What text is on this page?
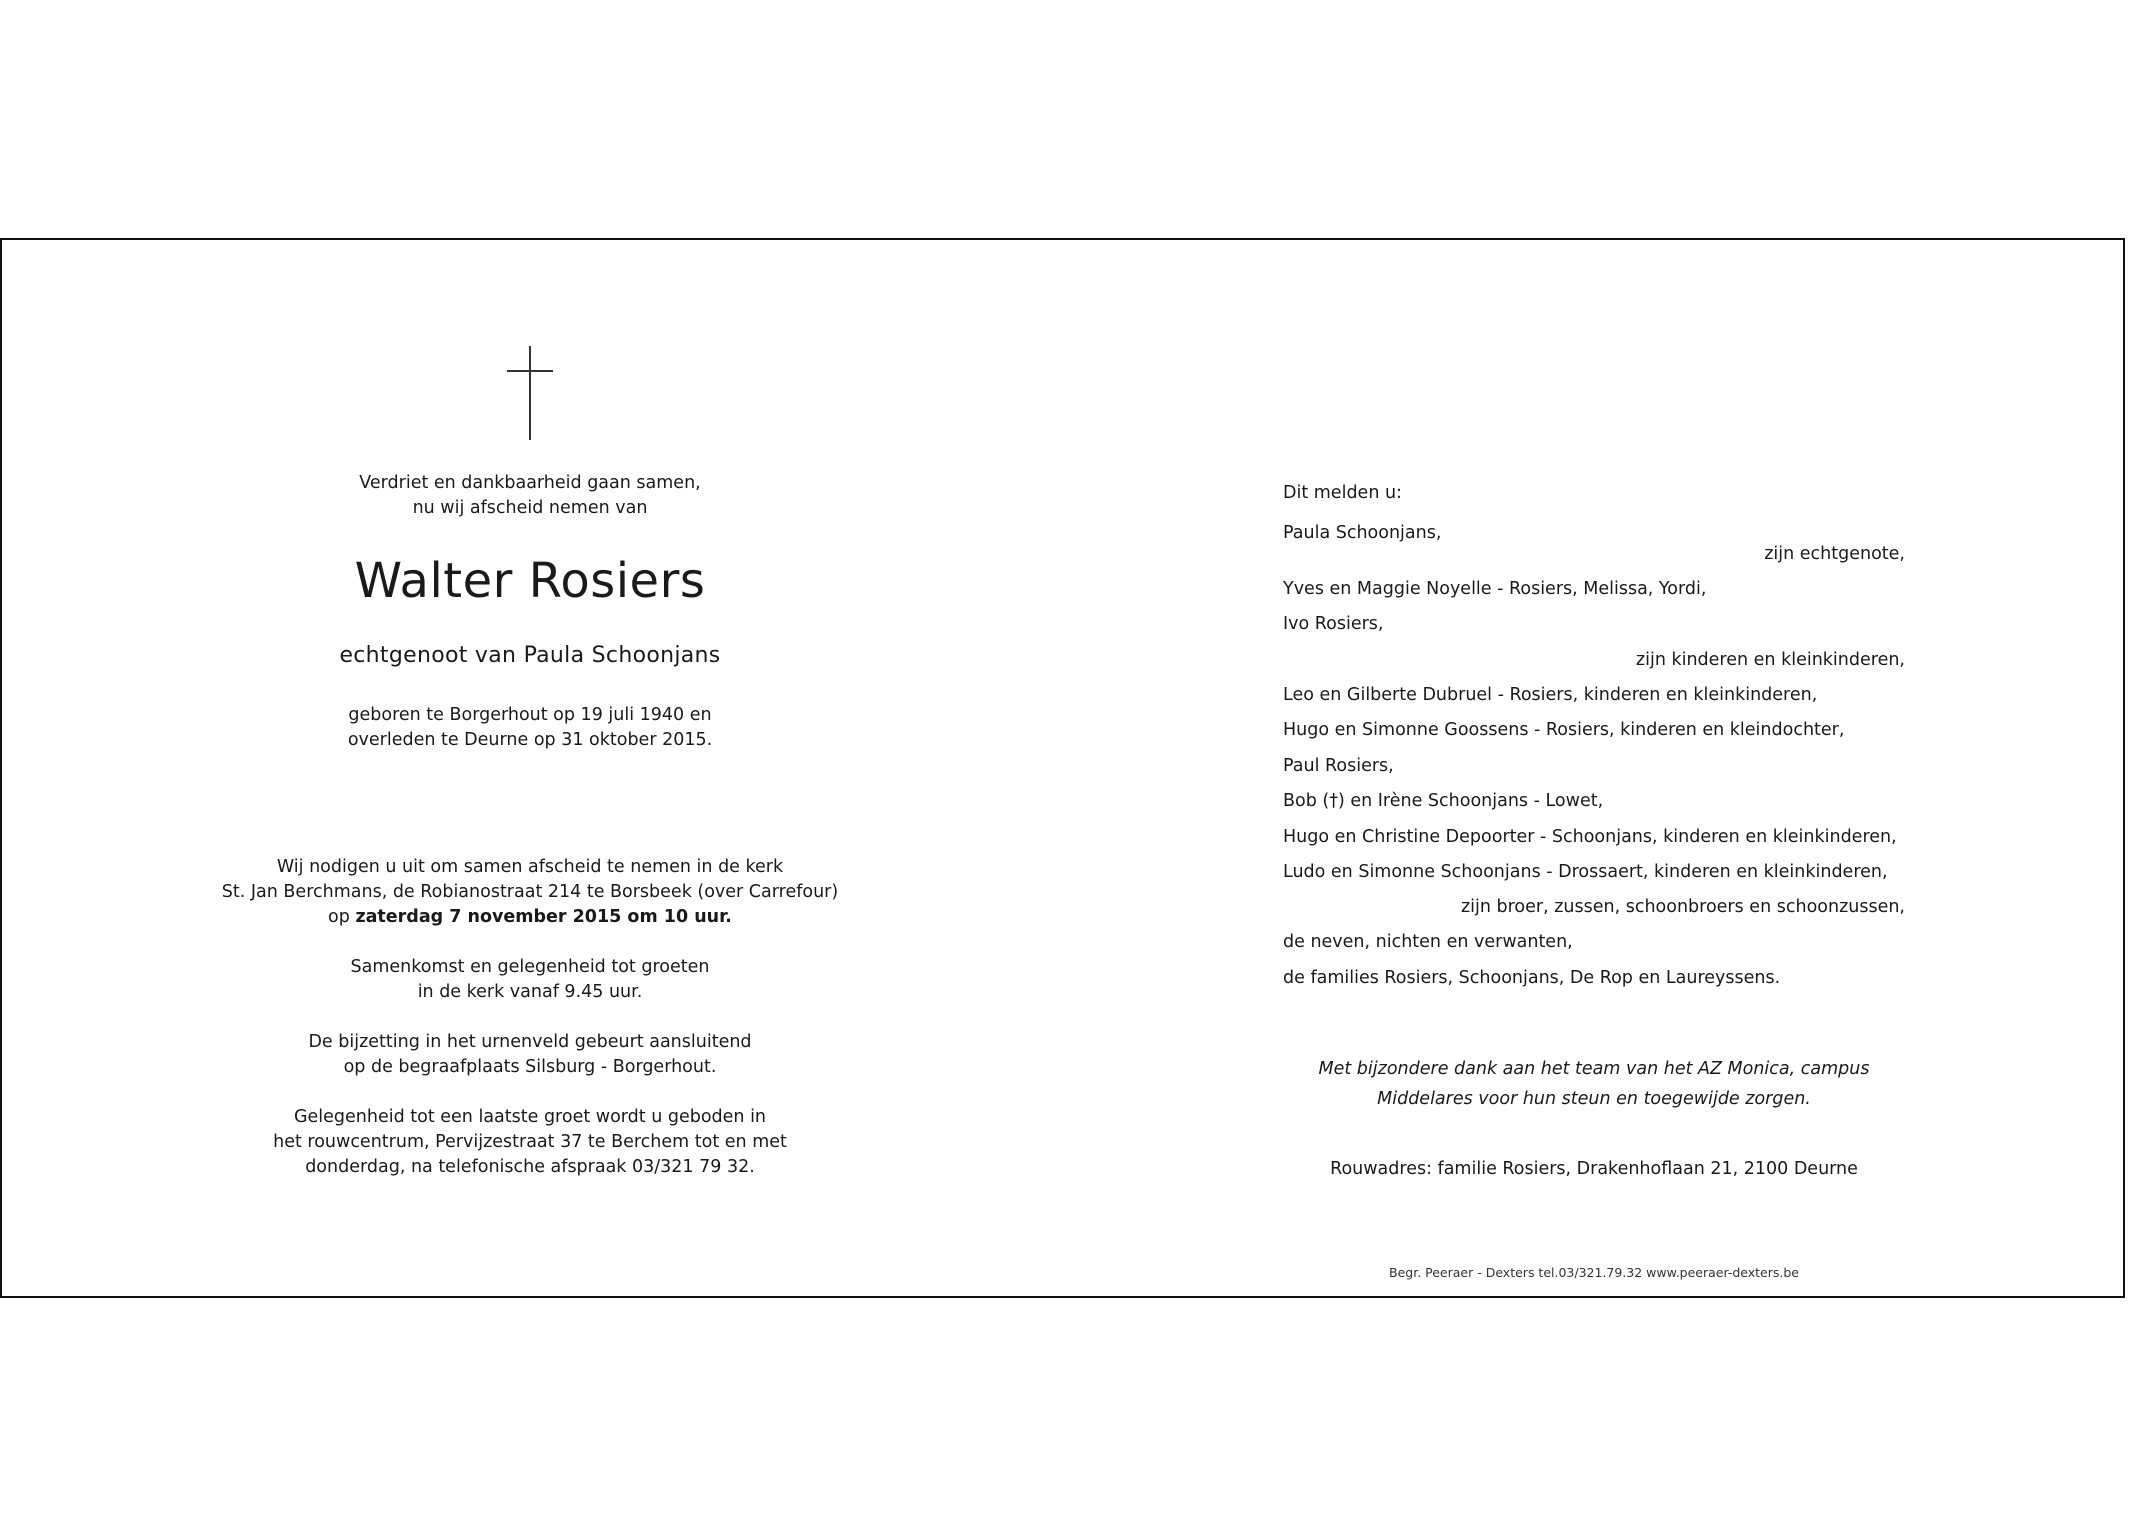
Verdriet en dankbaarheid gaan samen,
nu wij afscheid nemen van
Walter Rosiers
echtgenoot van Paula Schoonjans
geboren te Borgerhout op 19 juli 1940 en
overleden te Deurne op 31 oktober 2015.
Wij nodigen u uit om samen afscheid te nemen in de kerk
St. Jan Berchmans, de Robianostraat 214 te Borsbeek (over Carrefour)
op zaterdag 7 november 2015 om 10 uur.
Samenkomst en gelegenheid tot groeten
in de kerk vanaf 9.45 uur.
De bijzetting in het urnenveld gebeurt aansluitend
op de begraafplaats Silsburg - Borgerhout.
Gelegenheid tot een laatste groet wordt u geboden in
het rouwcentrum, Pervijzestraat 37 te Berchem tot en met
donderdag, na telefonische afspraak 03/321 79 32.
Dit melden u:
Paula Schoonjans,
zijn echtgenote,
Yves en Maggie Noyelle - Rosiers, Melissa, Yordi,
Ivo Rosiers,
zijn kinderen en kleinkinderen,
Leo en Gilberte Dubruel - Rosiers, kinderen en kleinkinderen,
Hugo en Simonne Goossens - Rosiers, kinderen en kleindochter,
Paul Rosiers,
Bob (†) en Irène Schoonjans - Lowet,
Hugo en Christine Depoorter - Schoonjans, kinderen en kleinkinderen,
Ludo en Simonne Schoonjans - Drossaert, kinderen en kleinkinderen,
zijn broer, zussen, schoonbroers en schoonzussen,
de neven, nichten en verwanten,
de families Rosiers, Schoonjans, De Rop en Laureyssens.
Met bijzondere dank aan het team van het AZ Monica, campus
Middelares voor hun steun en toegewijde zorgen.
Rouwadres: familie Rosiers, Drakenhoflaan 21, 2100 Deurne
Begr. Peeraer - Dexters tel.03/321.79.32 www.peeraer-dexters.be
